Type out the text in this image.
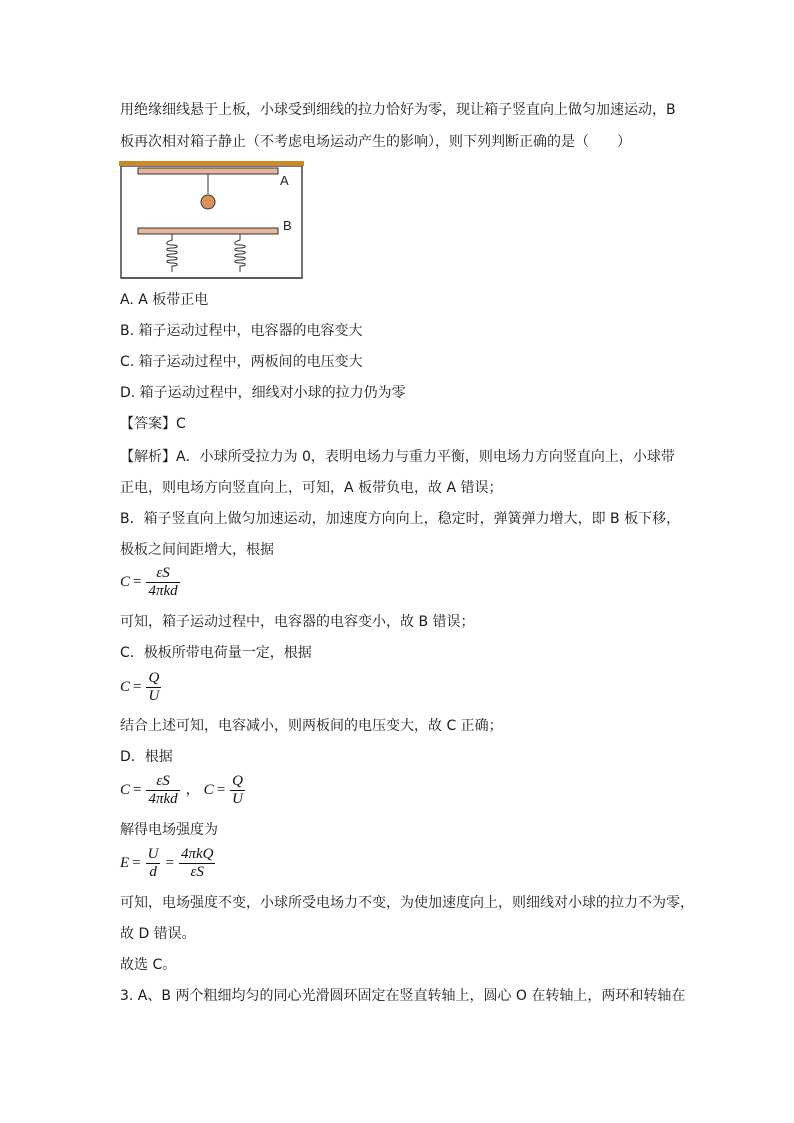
用绝缘细线悬于上板，小球受到细线的拉力恰好为零，现让箱子竖直向上做匀加速运动，B
板再次相对箱子静止（不考虑电场运动产生的影响），则下列判断正确的是（　　）
A
B
A. A 板带正电
B. 箱子运动过程中，电容器的电容变大
C. 箱子运动过程中，两板间的电压变大
D. 箱子运动过程中，细线对小球的拉力仍为零
【答案】C
【解析】A．小球所受拉力为 0，表明电场力与重力平衡，则电场力方向竖直向上，小球带
正电，则电场方向竖直向上，可知，A 板带负电，故 A 错误；
B．箱子竖直向上做匀加速运动，加速度方向向上，稳定时，弹簧弹力增大，即 B 板下移，
极板之间间距增大，根据
$C = \frac{\varepsilon S}{\text{4πkd}}$
可知，箱子运动过程中，电容器的电容变小，故 B 错误；
C．极板所带电荷量一定，根据
$C = \frac{Q}{U}$
结合上述可知，电容减小，则两板间的电压变大，故 C 正确；
D．根据
$C = \frac{\varepsilon S}{\text{4πkd}}$ ， $C = \frac{Q}{U}$
解得电场强度为
$E = \frac{U}{d} = \frac{\text{4πkQ}}{\varepsilon S}$
可知，电场强度不变，小球所受电场力不变，为使加速度向上，则细线对小球的拉力不为零，
故 D 错误。
故选 C。
3. A、B 两个粗细均匀的同心光滑圆环固定在竖直转轴上，圆心 O 在转轴上，两环和转轴在
